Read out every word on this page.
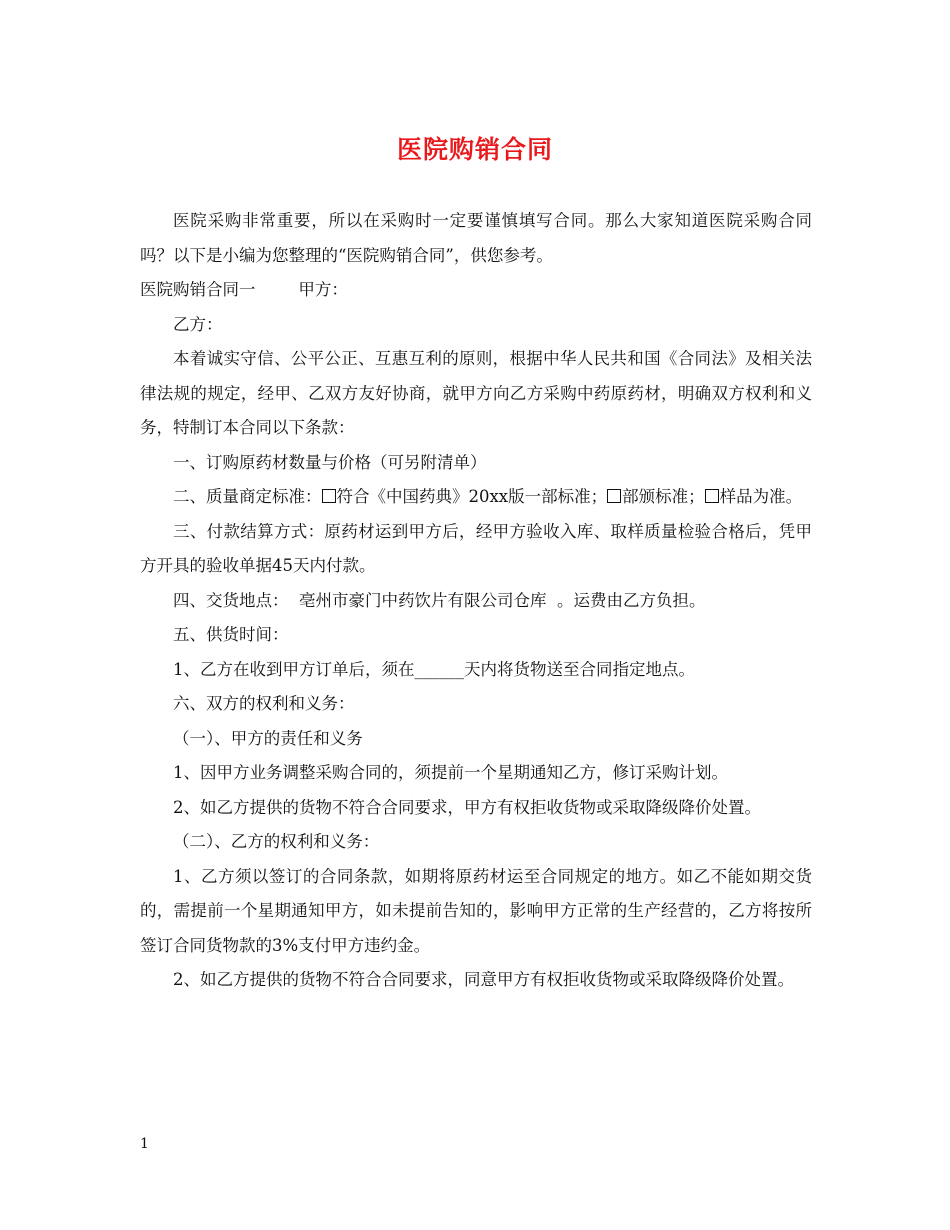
医院购销合同

医院采购非常重要，所以在采购时一定要谨慎填写合同。那么大家知道医院采购合同吗？以下是小编为您整理的“医院购销合同”，供您参考。

医院购销合同一	甲方：

乙方：

本着诚实守信、公平公正、互惠互利的原则，根据中华人民共和国《合同法》及相关法律法规的规定，经甲、乙双方友好协商，就甲方向乙方采购中药原药材，明确双方权利和义务，特制订本合同以下条款：

一、订购原药材数量与价格（可另附清单）

二、质量商定标准： 符合《中国药典》20xx版一部标准； 部颁标准； 样品为准。

三、付款结算方式：原药材运到甲方后，经甲方验收入库、取样质量检验合格后，凭甲方开具的验收单据45天内付款。

四、交货地点：  亳州市豪门中药饮片有限公司仓库  。运费由乙方负担。

五、供货时间：

1、乙方在收到甲方订单后，须在______天内将货物送至合同指定地点。

六、双方的权利和义务：

（一）、甲方的责任和义务

1、因甲方业务调整采购合同的，须提前一个星期通知乙方，修订采购计划。

2、如乙方提供的货物不符合合同要求，甲方有权拒收货物或采取降级降价处置。

（二）、乙方的权利和义务：

1、乙方须以签订的合同条款，如期将原药材运至合同规定的地方。如乙不能如期交货的，需提前一个星期通知甲方，如未提前告知的，影响甲方正常的生产经营的，乙方将按所签订合同货物款的3%支付甲方违约金。

2、如乙方提供的货物不符合合同要求，同意甲方有权拒收货物或采取降级降价处置。

1
